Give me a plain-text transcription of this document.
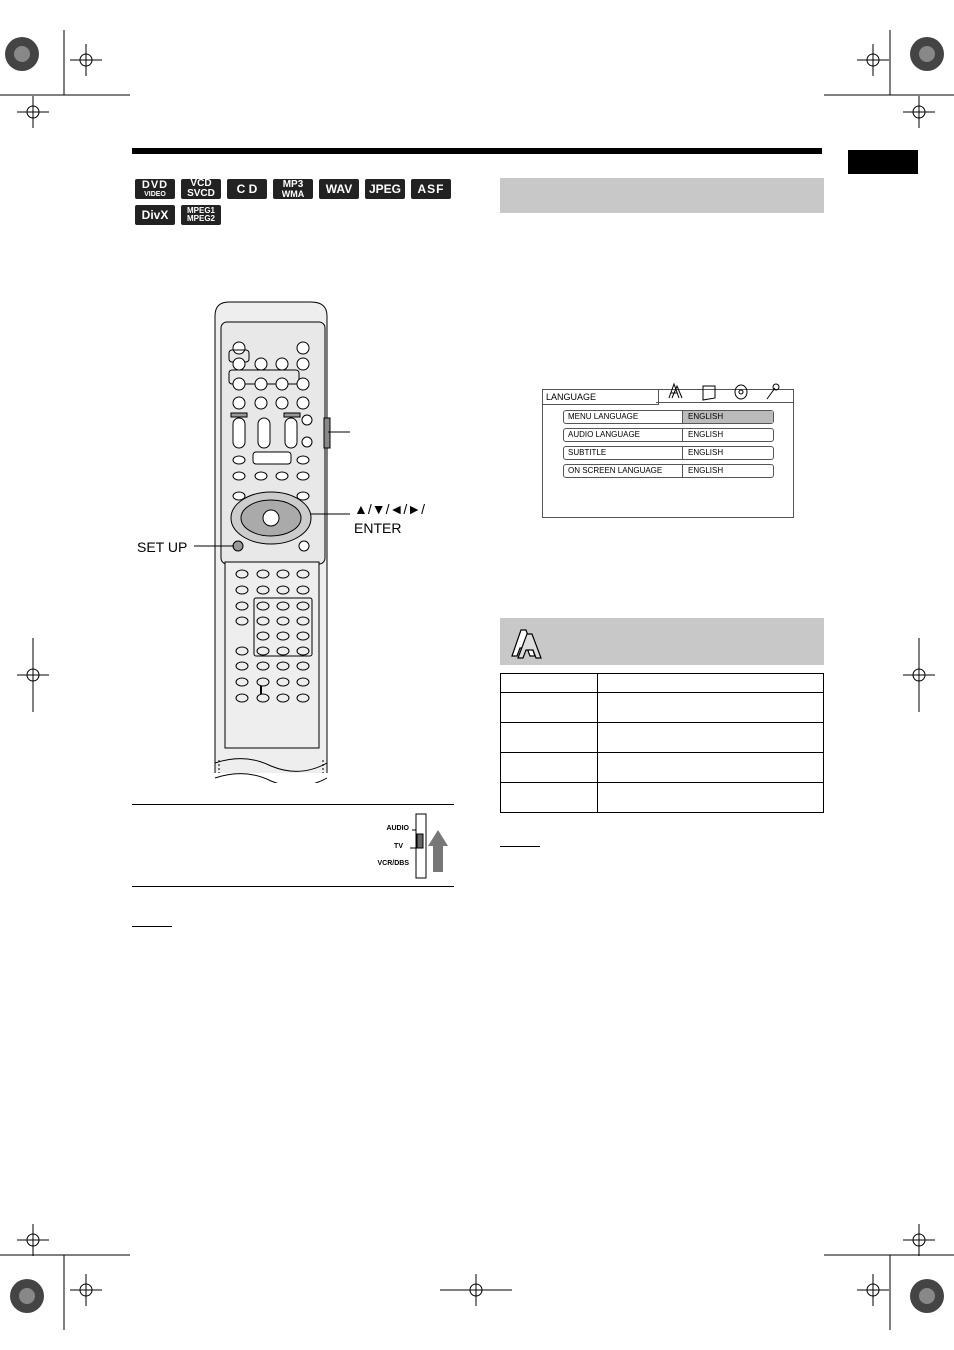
DVD
VIDEO
VCD
SVCD C D	MP3
WMA WAV JPEG ASF
DivX MPEG1
MPEG2
▲/▼/◄/►/
ENTER
SET UP
AUDIO
TV
VCR/DBS
LANGUAGE
MENU LANGUAGE	ENGLISH
AUDIO LANGUAGE	ENGLISH
SUBTITLE	ENGLISH
ON SCREEN LANGUAGE	ENGLISH
